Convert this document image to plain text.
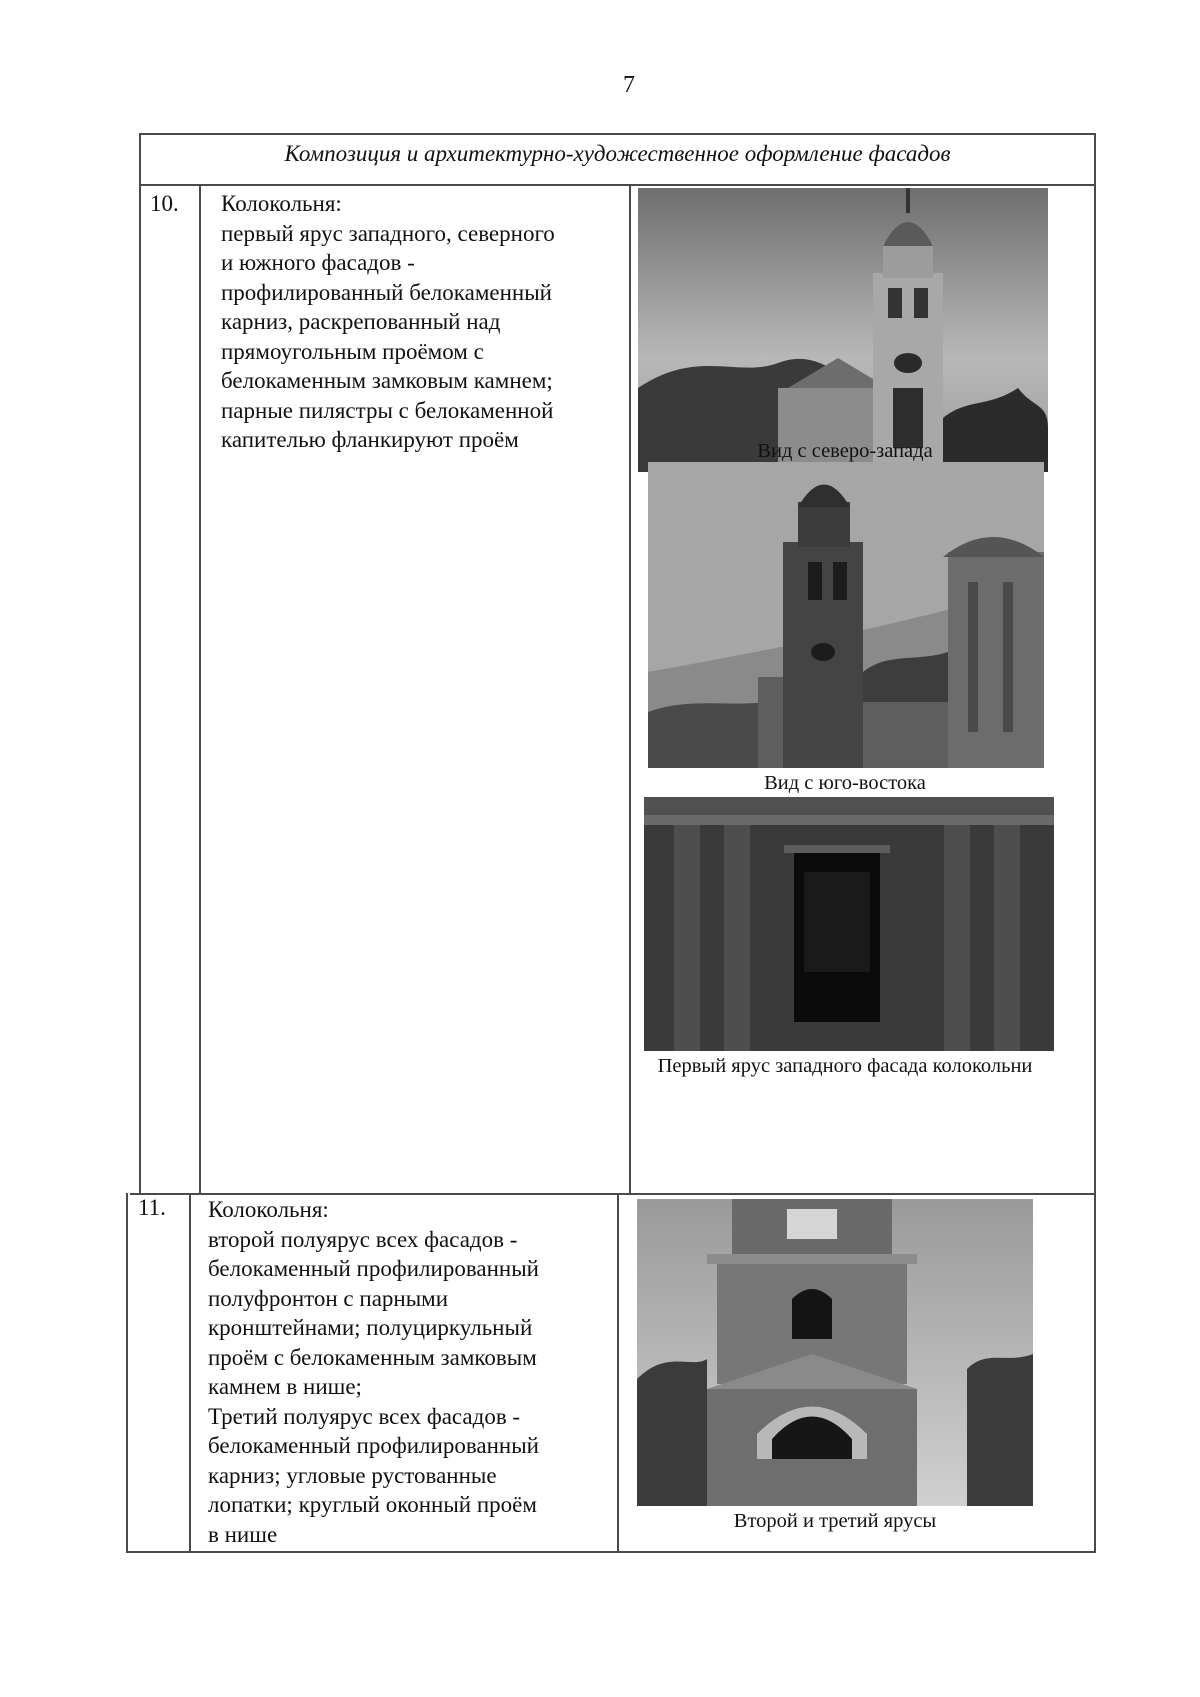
7
Композиция и архитектурно-художественное оформление фасадов
10. Колокольня:
первый ярус западного, северного
и южного фасадов -
профилированный белокаменный
карниз, раскрепованный над
прямоугольным проёмом с
белокаменным замковым камнем;
парные пилястры с белокаменной
капителью фланкируют проём	Вид с северо-запада
Вид с юго-востока
Первый ярус западного фасада колокольни
11. Колокольня:
второй полуярус всех фасадов -
белокаменный профилированный
полуфронтон с парными
кронштейнами; полуциркульный
проём с белокаменным замковым
камнем в нише;
Третий полуярус всех фасадов -
белокаменный профилированный
карниз; угловые рустованные
лопатки; круглый оконный проём
в нише
Второй и третий ярусы
